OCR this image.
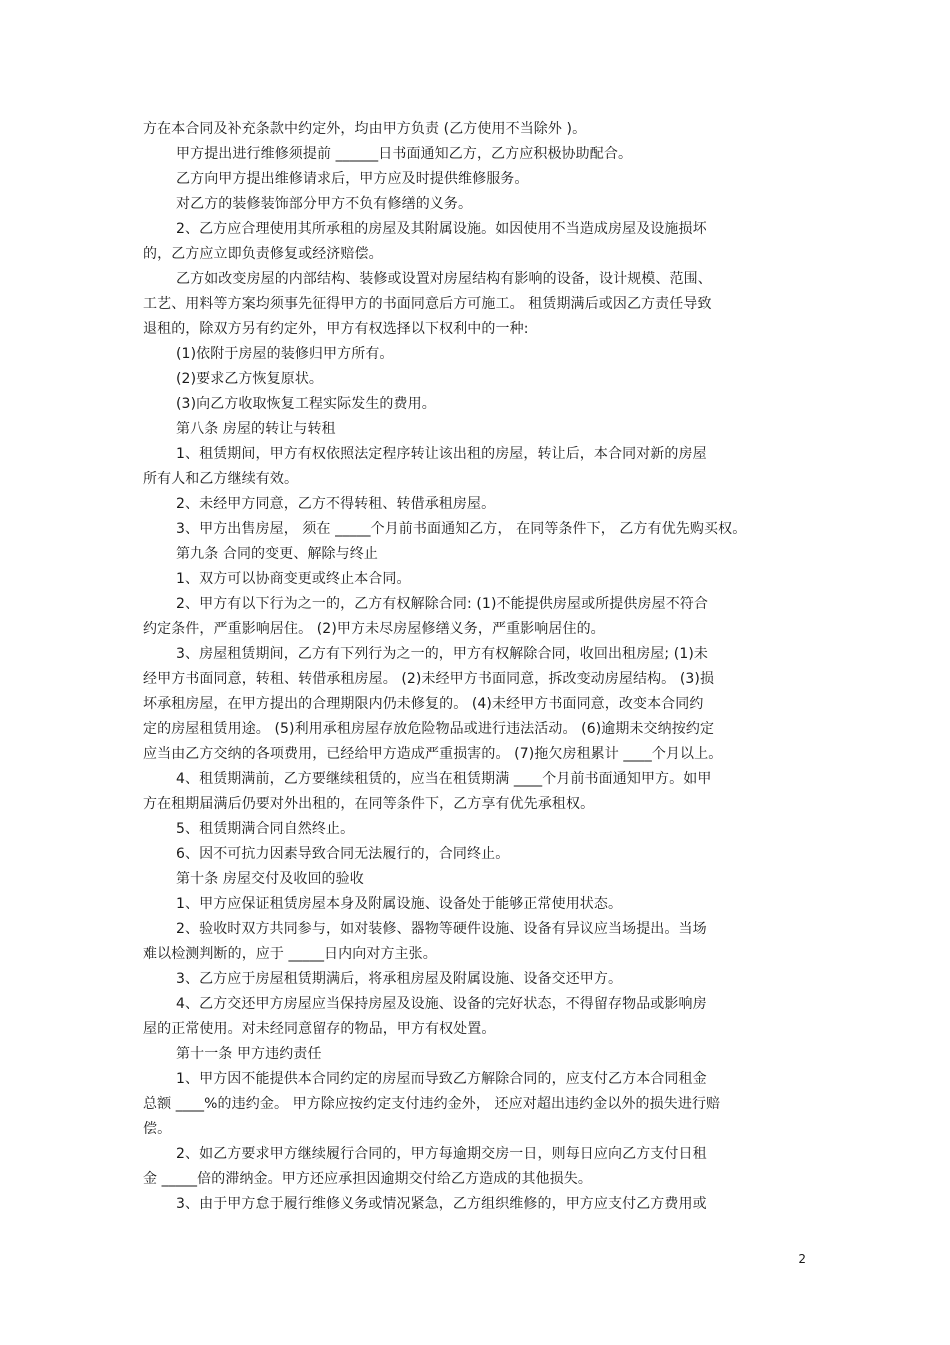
方在本合同及补充条款中约定外，均由甲方负责 (乙方使用不当除外 )。
甲方提出进行维修须提前 ______日书面通知乙方，乙方应积极协助配合。
乙方向甲方提出维修请求后，甲方应及时提供维修服务。
对乙方的装修装饰部分甲方不负有修缮的义务。
2、乙方应合理使用其所承租的房屋及其附属设施。如因使用不当造成房屋及设施损坏
的，乙方应立即负责修复或经济赔偿。
乙方如改变房屋的内部结构、装修或设置对房屋结构有影响的设备，设计规模、范围、
工艺、用料等方案均须事先征得甲方的书面同意后方可施工。 租赁期满后或因乙方责任导致
退租的，除双方另有约定外，甲方有权选择以下权利中的一种:
(1)依附于房屋的装修归甲方所有。
(2)要求乙方恢复原状。
(3)向乙方收取恢复工程实际发生的费用。
第八条 房屋的转让与转租
1、租赁期间，甲方有权依照法定程序转让该出租的房屋，转让后，本合同对新的房屋
所有人和乙方继续有效。
2、未经甲方同意，乙方不得转租、转借承租房屋。
3、甲方出售房屋， 须在 _____个月前书面通知乙方， 在同等条件下， 乙方有优先购买权。
第九条 合同的变更、解除与终止
1、双方可以协商变更或终止本合同。
2、甲方有以下行为之一的，乙方有权解除合同: (1)不能提供房屋或所提供房屋不符合
约定条件，严重影响居住。 (2)甲方未尽房屋修缮义务，严重影响居住的。
3、房屋租赁期间，乙方有下列行为之一的，甲方有权解除合同，收回出租房屋; (1)未
经甲方书面同意，转租、转借承租房屋。 (2)未经甲方书面同意，拆改变动房屋结构。 (3)损
坏承租房屋，在甲方提出的合理期限内仍未修复的。 (4)未经甲方书面同意，改变本合同约
定的房屋租赁用途。 (5)利用承租房屋存放危险物品或进行违法活动。 (6)逾期未交纳按约定
应当由乙方交纳的各项费用，已经给甲方造成严重损害的。 (7)拖欠房租累计 ____个月以上。
4、租赁期满前，乙方要继续租赁的，应当在租赁期满 ____个月前书面通知甲方。如甲
方在租期届满后仍要对外出租的，在同等条件下，乙方享有优先承租权。
5、租赁期满合同自然终止。
6、因不可抗力因素导致合同无法履行的，合同终止。
第十条 房屋交付及收回的验收
1、甲方应保证租赁房屋本身及附属设施、设备处于能够正常使用状态。
2、验收时双方共同参与，如对装修、器物等硬件设施、设备有异议应当场提出。当场
难以检测判断的，应于 _____日内向对方主张。
3、乙方应于房屋租赁期满后，将承租房屋及附属设施、设备交还甲方。
4、乙方交还甲方房屋应当保持房屋及设施、设备的完好状态，不得留存物品或影响房
屋的正常使用。对未经同意留存的物品，甲方有权处置。
第十一条 甲方违约责任
1、甲方因不能提供本合同约定的房屋而导致乙方解除合同的，应支付乙方本合同租金
总额 ____%的违约金。 甲方除应按约定支付违约金外， 还应对超出违约金以外的损失进行赔
偿。
2、如乙方要求甲方继续履行合同的，甲方每逾期交房一日，则每日应向乙方支付日租
金 _____倍的滞纳金。甲方还应承担因逾期交付给乙方造成的其他损失。
3、由于甲方怠于履行维修义务或情况紧急，乙方组织维修的，甲方应支付乙方费用或
2
